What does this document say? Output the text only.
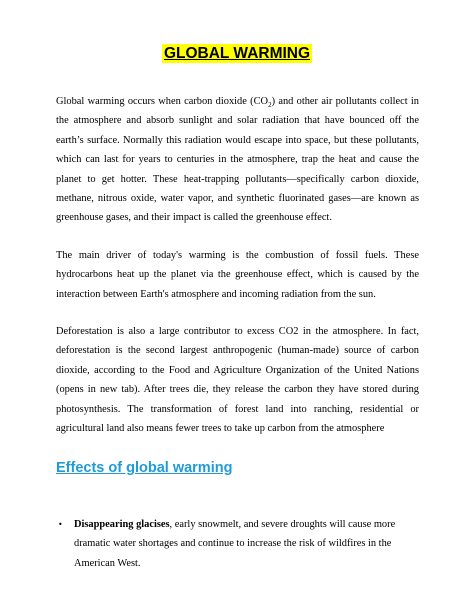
GLOBAL WARMING

Global warming occurs when carbon dioxide $(CO_2)$ and other air pollutants collect in the atmosphere and absorb sunlight and solar radiation that have bounced off the earth’s surface. Normally this radiation would escape into space, but these pollutants, which can last for years to centuries in the atmosphere, trap the heat and cause the planet to get hotter. These heat-trapping pollutants—specifically carbon dioxide, methane, nitrous oxide, water vapor, and synthetic fluorinated gases—are known as greenhouse gases, and their impact is called the greenhouse effect.

The main driver of today's warming is the combustion of fossil fuels. These hydrocarbons heat up the planet via the greenhouse effect, which is caused by the interaction between Earth's atmosphere and incoming radiation from the sun.

Deforestation is also a large contributor to excess CO2 in the atmosphere. In fact, deforestation is the second largest anthropogenic (human-made) source of carbon dioxide, according to the Food and Agriculture Organization of the United Nations (opens in new tab). After trees die, they release the carbon they have stored during photosynthesis. The transformation of forest land into ranching, residential or agricultural land also means fewer trees to take up carbon from the atmosphere

Effects of global warming
• Disappearing glacises, early snowmelt, and severe droughts will cause more dramatic water shortages and continue to increase the risk of wildfires in the American West.
